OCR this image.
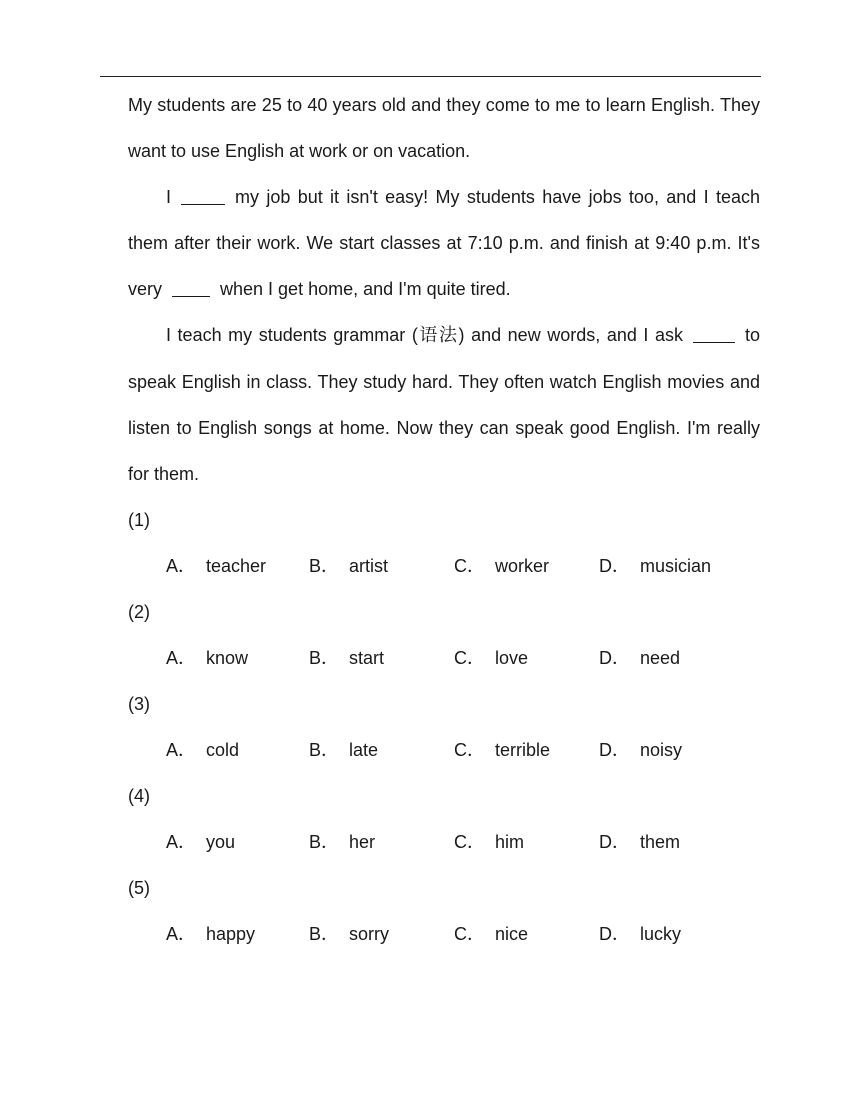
My students are 25 to 40 years old and they come to me to learn English. They want to use English at work or on vacation.

I	my job but it isn't easy! My students have jobs too, and I teach them after their work. We start classes at 7:10 p.m. and finish at 9:40 p.m. It's very	when I get home, and I'm quite tired.

I teach my students grammar (语法) and new words, and I ask	to speak English in class. They study hard. They often watch English movies and listen to English songs at home. Now they can speak good English. I'm really for them.

(1)
A． teacher B． artist	C． worker	D． musician
(2)
A． know	B． start	C． love	D． need
(3)
A． cold	B． late	C． terrible	D． noisy
(4)
A． you	B． her	C． him	D． them
(5)
A． happy	B． sorry	C． nice	D． lucky
